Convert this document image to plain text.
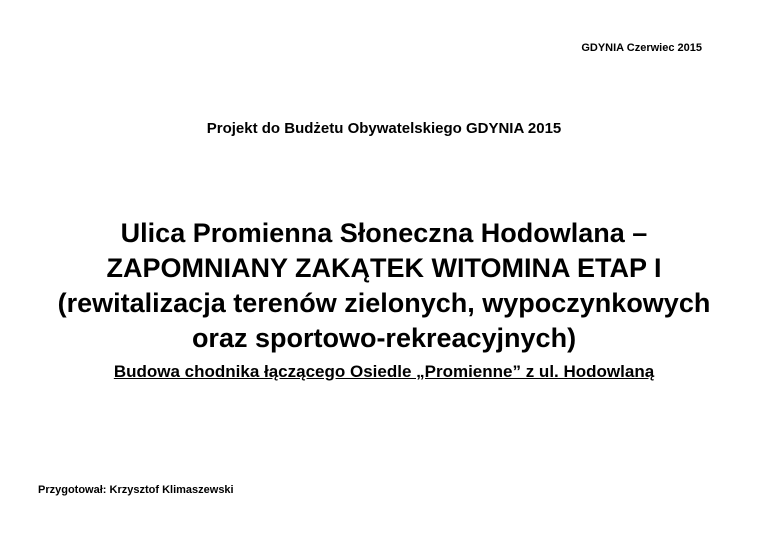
GDYNIA Czerwiec 2015
Projekt do Budżetu Obywatelskiego GDYNIA 2015
Ulica Promienna Słoneczna Hodowlana –
ZAPOMNIANY ZAKĄTEK WITOMINA ETAP I
(rewitalizacja terenów zielonych, wypoczynkowych
oraz sportowo-rekreacyjnych)
Budowa chodnika łączącego Osiedle „Promienne” z ul. Hodowlaną
Przygotował: Krzysztof Klimaszewski
